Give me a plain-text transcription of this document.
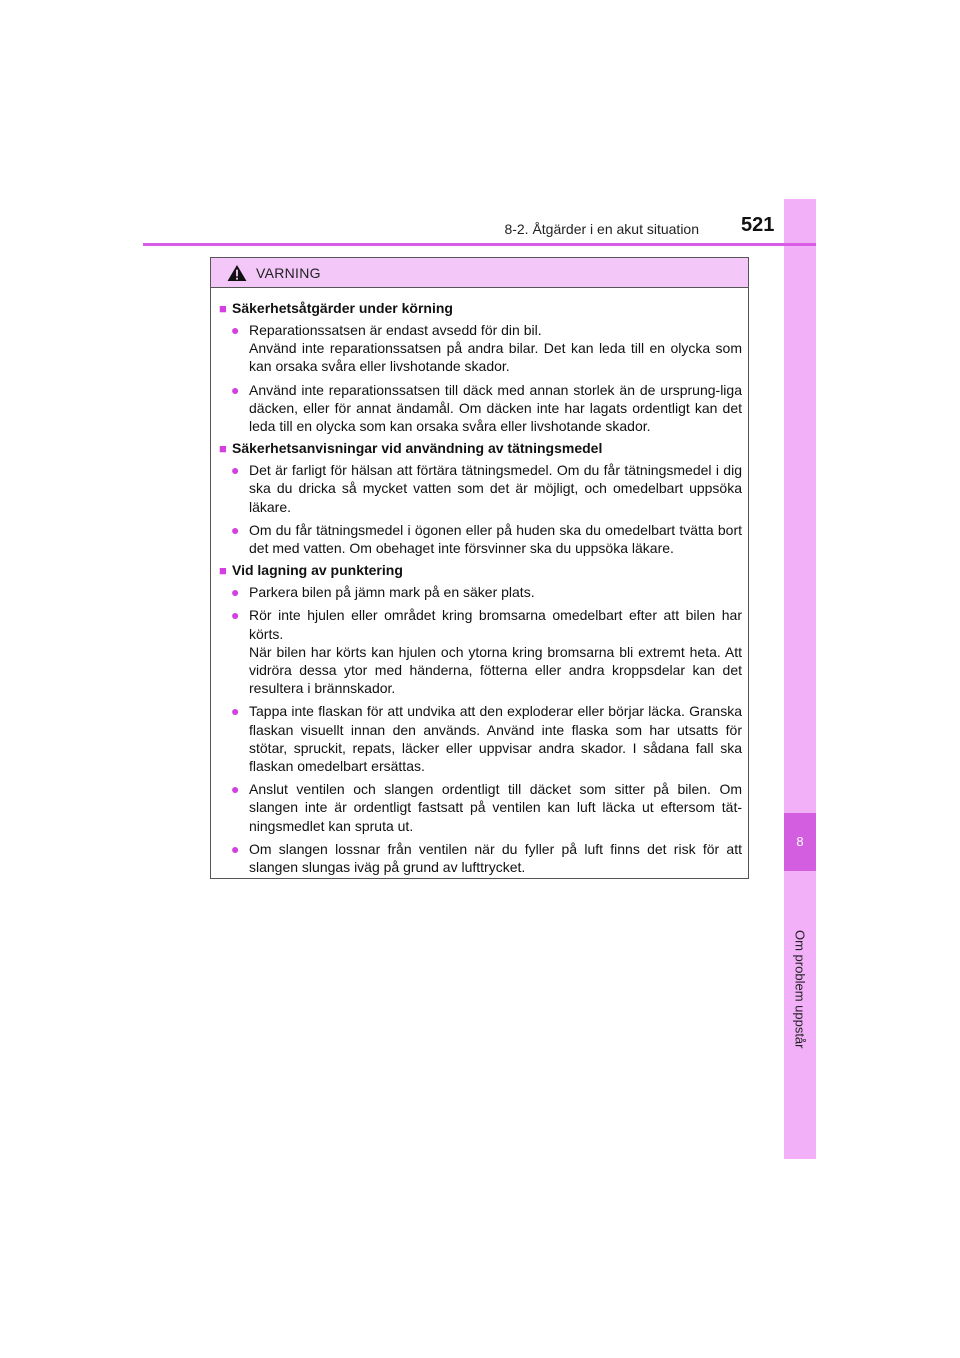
8
Om problem uppstår
8-2. Åtgärder i en akut situation 521
VARNING
■ Säkerhetsåtgärder under körning
● Reparationssatsen är endast avsedd för din bil.
Använd inte reparationssatsen på andra bilar. Det kan leda till en olycka som kan orsaka svåra eller livshotande skador.
● Använd inte reparationssatsen till däck med annan storlek än de ursprung-liga däcken, eller för annat ändamål. Om däcken inte har lagats ordentligt kan det leda till en olycka som kan orsaka svåra eller livshotande skador.
■ Säkerhetsanvisningar vid användning av tätningsmedel
● Det är farligt för hälsan att förtära tätningsmedel. Om du får tätningsmedel i dig ska du dricka så mycket vatten som det är möjligt, och omedelbart uppsöka läkare.
● Om du får tätningsmedel i ögonen eller på huden ska du omedelbart tvätta bort det med vatten. Om obehaget inte försvinner ska du uppsöka läkare.
■ Vid lagning av punktering
● Parkera bilen på jämn mark på en säker plats.
● Rör inte hjulen eller området kring bromsarna omedelbart efter att bilen har körts.
När bilen har körts kan hjulen och ytorna kring bromsarna bli extremt heta. Att vidröra dessa ytor med händerna, fötterna eller andra kroppsdelar kan det resultera i brännskador.
● Tappa inte flaskan för att undvika att den exploderar eller börjar läcka. Granska flaskan visuellt innan den används. Använd inte flaska som har utsatts för stötar, spruckit, repats, läcker eller uppvisar andra skador. I sådana fall ska flaskan omedelbart ersättas.
● Anslut ventilen och slangen ordentligt till däcket som sitter på bilen. Om slangen inte är ordentligt fastsatt på ventilen kan luft läcka ut eftersom tät-ningsmedlet kan spruta ut.
● Om slangen lossnar från ventilen när du fyller på luft finns det risk för att slangen slungas iväg på grund av lufttrycket.
